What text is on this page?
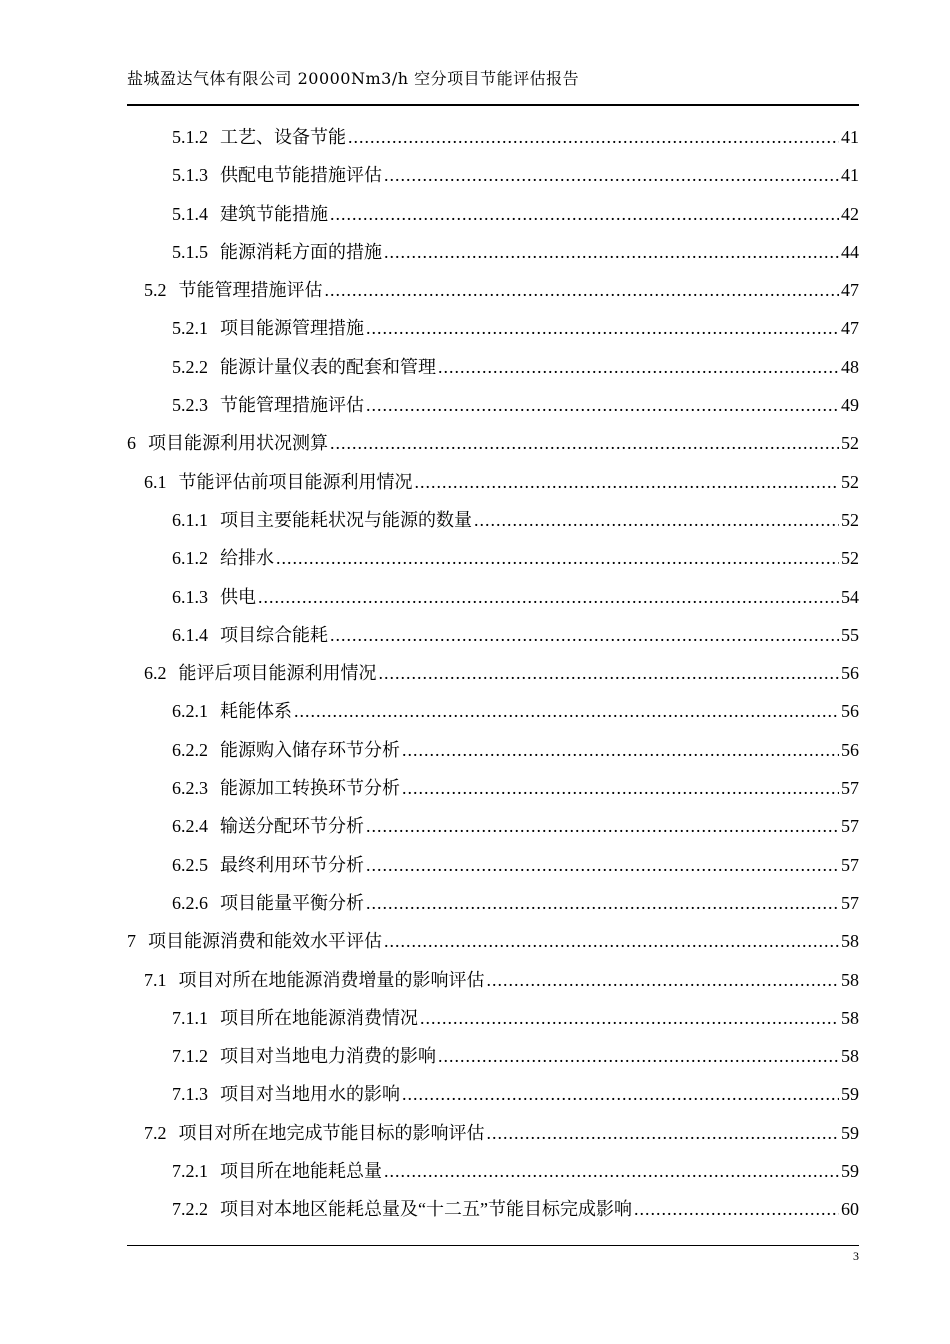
盐城盈达气体有限公司 20000Nm3/h 空分项目节能评估报告
5.1.2 工艺、设备节能 .....	41
5.1.3 供配电节能措施评估 .....	41
5.1.4 建筑节能措施 .....	42
5.1.5 能源消耗方面的措施 .....	44
5.2 节能管理措施评估 .....	47
5.2.1 项目能源管理措施 .....	47
5.2.2 能源计量仪表的配套和管理 .....	48
5.2.3 节能管理措施评估 .....	49
6 项目能源利用状况测算 .....	52
6.1 节能评估前项目能源利用情况 .....	52
6.1.1 项目主要能耗状况与能源的数量 .....	52
6.1.2 给排水 .....	52
6.1.3 供电 .....	54
6.1.4 项目综合能耗 .....	55
6.2 能评后项目能源利用情况 .....	56
6.2.1 耗能体系 .....	56
6.2.2 能源购入储存环节分析 .....	56
6.2.3 能源加工转换环节分析 .....	57
6.2.4 输送分配环节分析 .....	57
6.2.5 最终利用环节分析 .....	57
6.2.6 项目能量平衡分析 .....	57
7 项目能源消费和能效水平评估 .....	58
7.1 项目对所在地能源消费增量的影响评估 .....	58
7.1.1 项目所在地能源消费情况 .....	58
7.1.2 项目对当地电力消费的影响 .....	58
7.1.3 项目对当地用水的影响 .....	59
7.2 项目对所在地完成节能目标的影响评估 .....	59
7.2.1 项目所在地能耗总量 .....	59
7.2.2 项目对本地区能耗总量及“十二五”节能目标完成影响 .....	60
3
